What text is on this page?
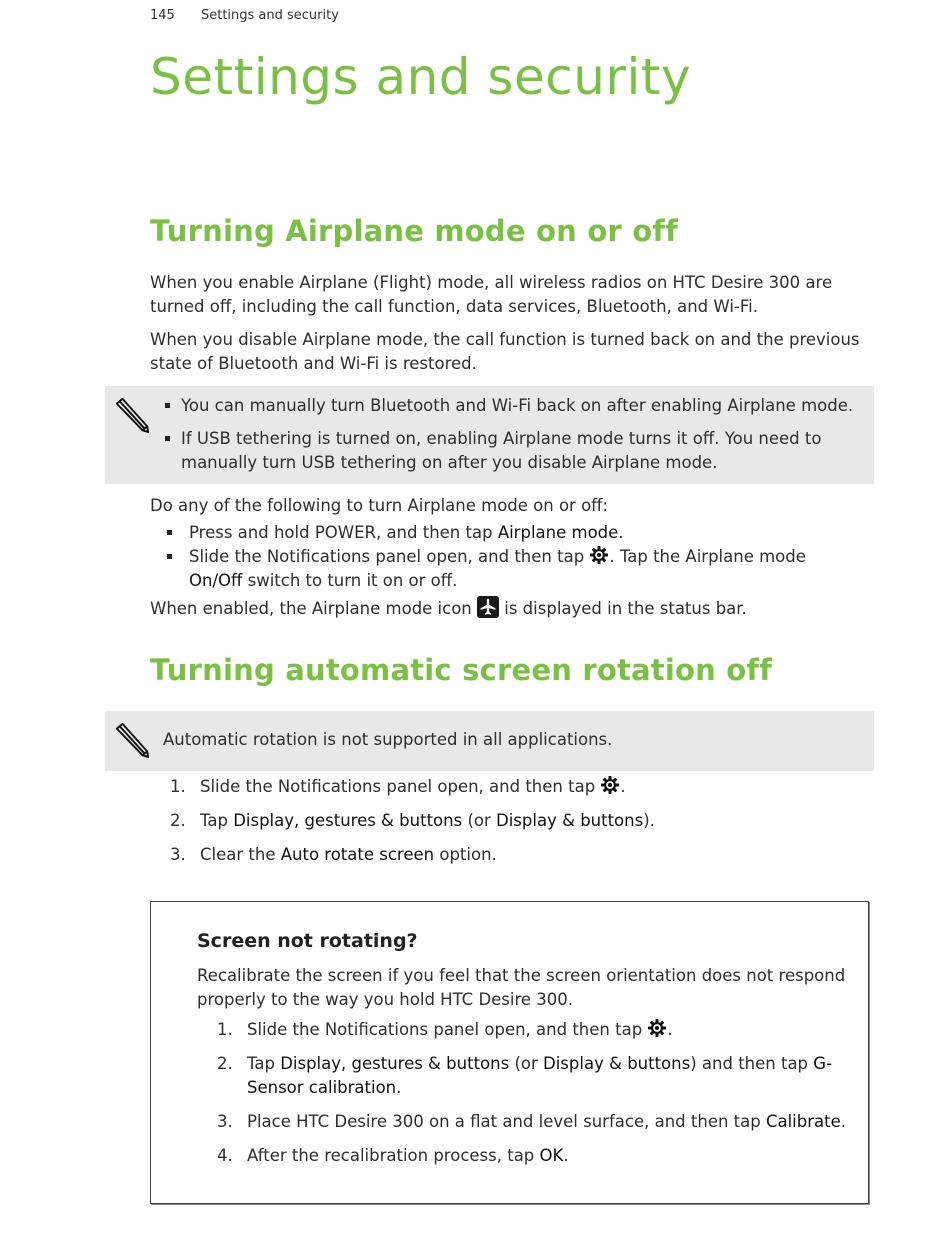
145 Settings and security
Settings and security
Turning Airplane mode on or off

When you enable Airplane (Flight) mode, all wireless radios on HTC Desire 300 are turned off, including the call function, data services, Bluetooth, and Wi-Fi.

When you disable Airplane mode, the call function is turned back on and the previous state of Bluetooth and Wi-Fi is restored.

You can manually turn Bluetooth and Wi-Fi back on after enabling Airplane mode.
If USB tethering is turned on, enabling Airplane mode turns it off. You need to manually turn USB tethering on after you disable Airplane mode.

Do any of the following to turn Airplane mode on or off:

Press and hold POWER, and then tap Airplane mode.
Slide the Notifications panel open, and then tap . Tap the Airplane mode On/Off switch to turn it on or off.

When enabled, the Airplane mode icon
is displayed in the status bar.

Turning automatic screen rotation off
Automatic rotation is not supported in all applications.
1. Slide the Notifications panel open, and then tap .
2. Tap Display, gestures & buttons (or Display & buttons).
3. Clear the Auto rotate screen option.
Screen not rotating?

Recalibrate the screen if you feel that the screen orientation does not respond properly to the way you hold HTC Desire 300.

1. Slide the Notifications panel open, and then tap .
2. Tap Display, gestures & buttons (or Display & buttons) and then tap G-Sensor calibration.
3. Place HTC Desire 300 on a flat and level surface, and then tap Calibrate.
4. After the recalibration process, tap OK.
